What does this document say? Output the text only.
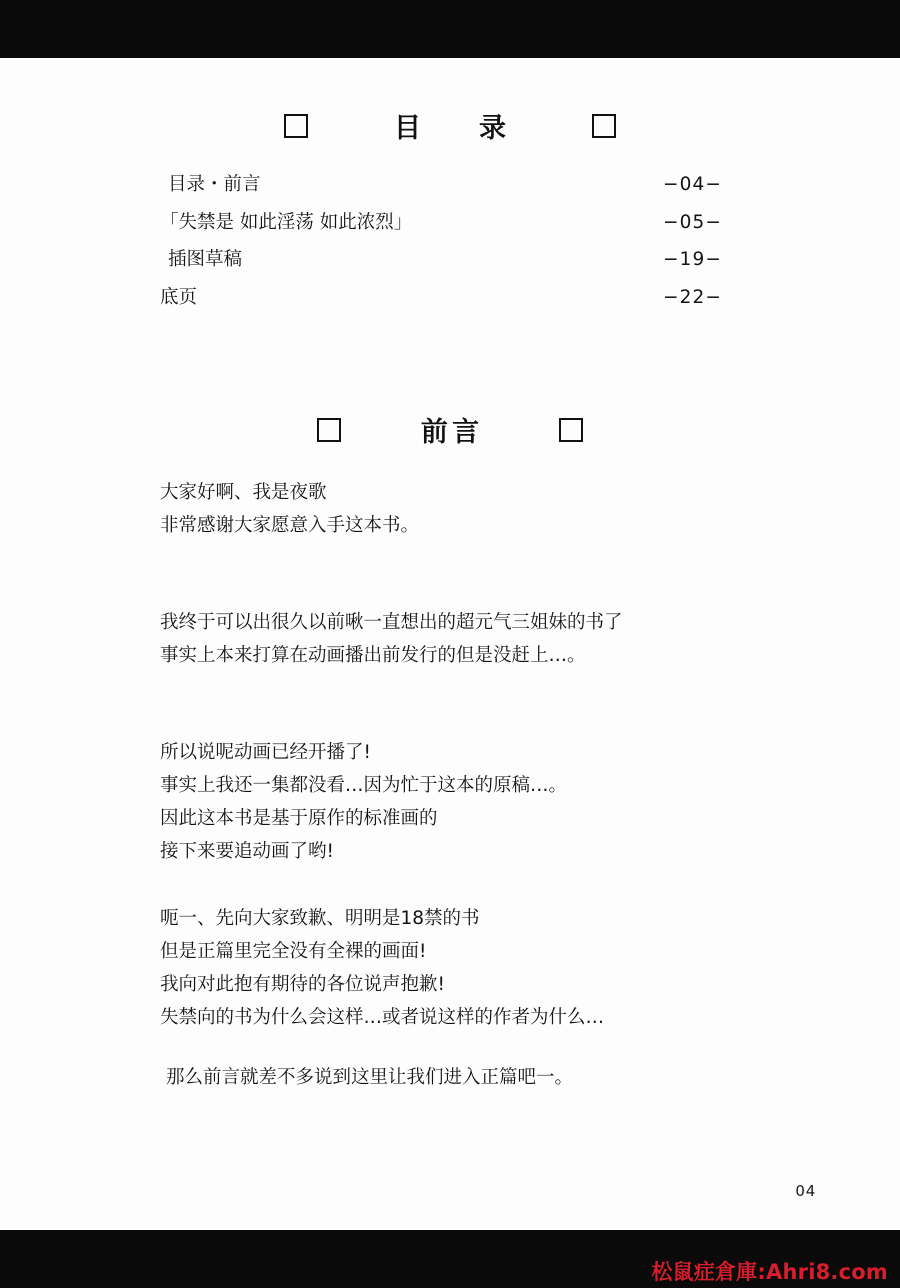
目 录
目录・前言	−04−
「失禁是 如此淫荡 如此浓烈」	−05−
插图草稿	−19−
底页	−22−
前言

大家好啊、我是夜歌
非常感谢大家愿意入手这本书。

我终于可以出很久以前啾一直想出的超元气三姐妹的书了
事实上本来打算在动画播出前发行的但是没赶上…。

所以说呢动画已经开播了!
事实上我还一集都没看…因为忙于这本的原稿…。
因此这本书是基于原作的标准画的
接下来要追动画了哟!

呃一、先向大家致歉、明明是18禁的书
但是正篇里完全没有全裸的画面!
我向对此抱有期待的各位说声抱歉!
失禁向的书为什么会这样…或者说这样的作者为什么…

那么前言就差不多说到这里让我们进入正篇吧一。

04
松鼠症倉庫:Ahri8.com
